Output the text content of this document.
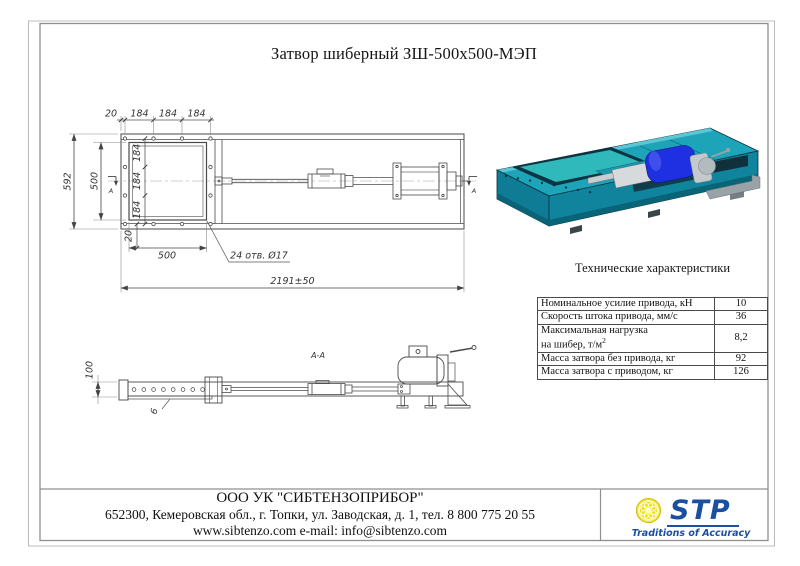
20 184 184 184
592 500
184
184
184
20
500	24 отв. Ø17
2191±50
А	А
А-А
100
6
Затвор шиберный ЗШ-500х500-МЭП
Технические характеристики
Номинальное усилие привода, кН	10
Скорость штока привода, мм/с	36
Максимальная нагрузка
на шибер, $т/м^2$	8,2
Масса затвора без привода, кг	92
Масса затвора с приводом, кг	126
ООО УК "СИБТЕНЗОПРИБОР"
652300, Кемеровская обл., г. Топки, ул. Заводская, д. 1, тел. 8 800 775 20 55
www.sibtenzo.com e-mail: info@sibtenzo.com
STP
Traditions of Accuracy
